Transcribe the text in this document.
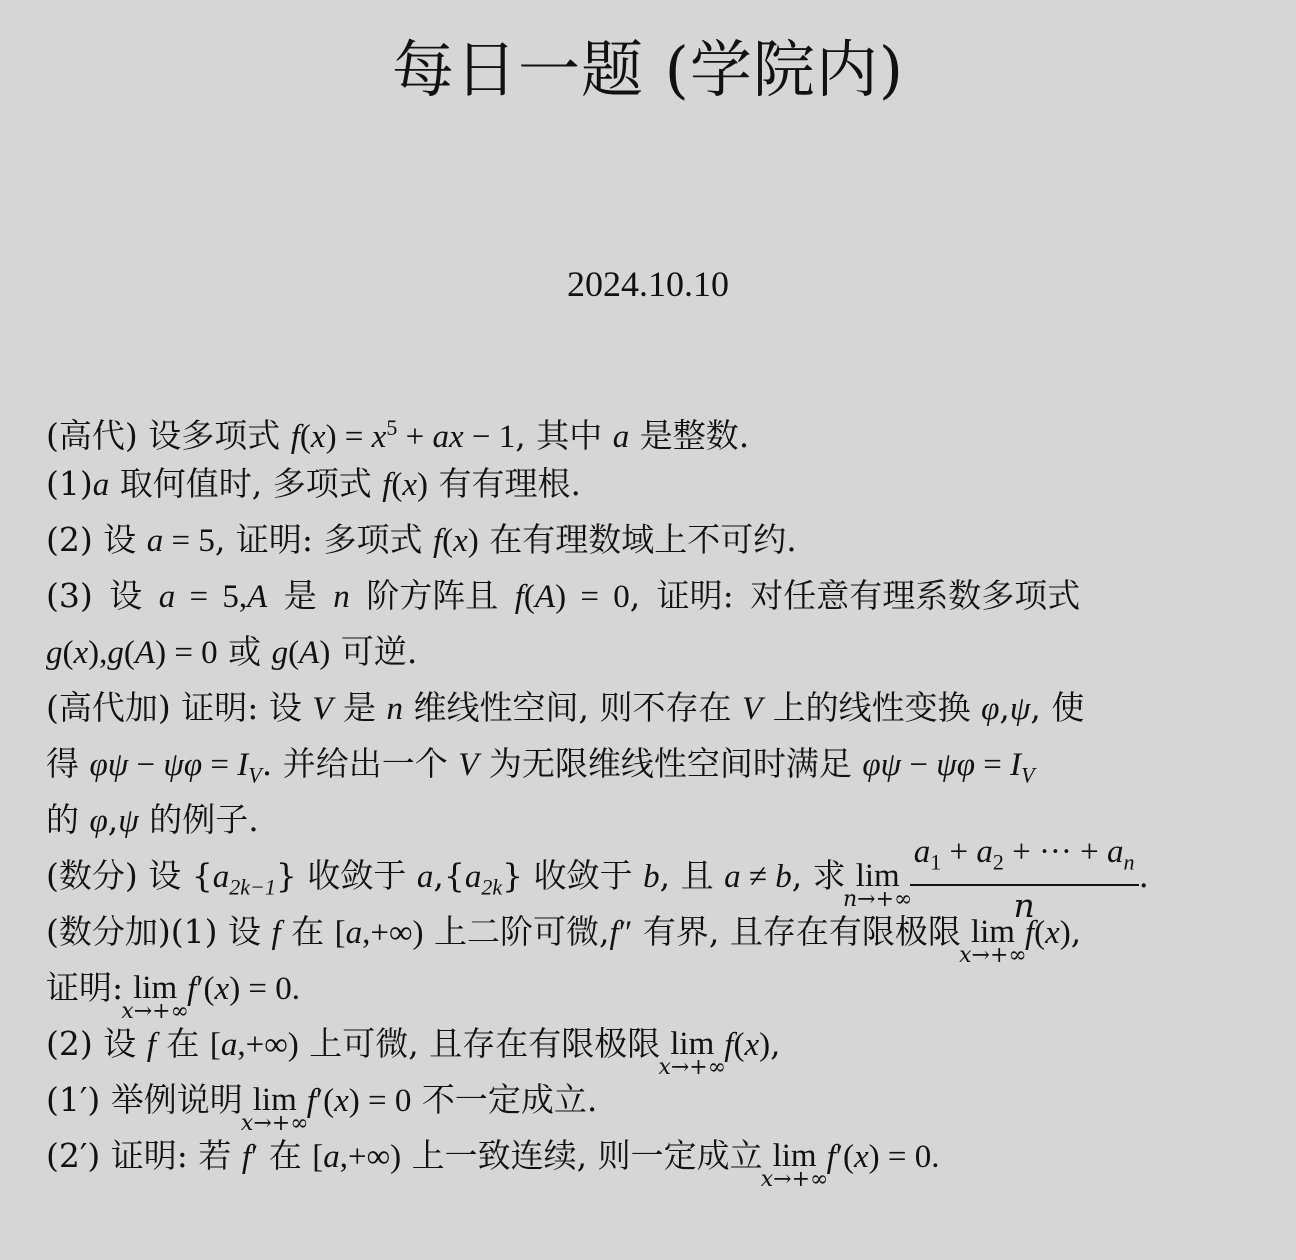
每日一题 (学院内)
2024.10.10
(高代) 设多项式 $f(x) = x^5$ + ax − 1, 其中 a 是整数.
(1)a 取何值时, 多项式 f(x) 有有理根.
(2) 设 a = 5, 证明: 多项式 f(x) 在有理数域上不可约.
(3) 设 a = 5,A 是 n 阶方阵且 f(A) = 0, 证明: 对任意有理系数多项式
g(x),g(A) = 0 或 g(A) 可逆.
(高代加) 证明: 设 V 是 n 维线性空间, 则不存在 V 上的线性变换 φ,ψ, 使
得 $\varphi\psi - \psi\varphi = I_V$. 并给出一个 V 为无限维线性空间时满足 $\varphi\psi - \psi\varphi = I_V$
的 φ,ψ 的例子.
(数分) 设 $\{a_{2k-1}\}$ 收敛于 $a,\{a_{2k}\}$ 收敛于 b, 且 a ≠ b, 求 lim
n→+∞
$\frac{a_1 + a_2 + \cdot\cdot\cdot + a_n}{n}$ .
(数分加)(1) 设 f 在 [a,+∞) 上二阶可微,f″ 有界, 且存在有限极限 lim
x→+∞
f(x),
证明: lim
x→+∞
f′(x) = 0.
(2) 设 f 在 [a,+∞) 上可微, 且存在有限极限 lim
x→+∞
f(x),
(1′) 举例说明 lim
x→+∞
f′(x) = 0 不一定成立.
(2′) 证明: 若 f′ 在 [a,+∞) 上一致连续, 则一定成立 lim
x→+∞
f′(x) = 0.
